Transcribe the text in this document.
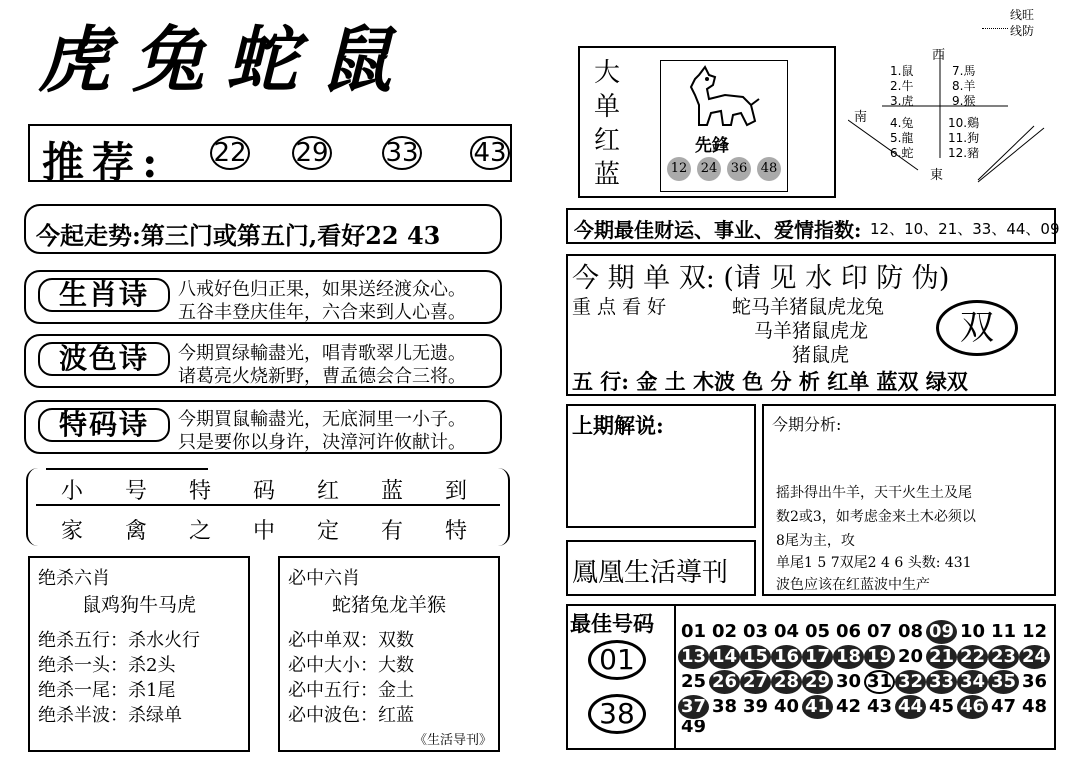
虎兔蛇鼠
推荐: 22 29 33 43
今起走势:第三门或第五门,看好22 43
生肖诗	八戒好色归正果，如果送经渡众心。
五谷丰登庆佳年，六合来到人心喜。
波色诗	今期買绿輸盡光，唱青歌翠儿无遗。
诸葛亮火烧新野，曹孟德会合三将。
特码诗	今期買鼠輸盡光，无底洞里一小子。
只是要你以身许，决漳河许攸献计。
小	号	特	码	红	蓝	到
家	禽	之	中	定	有	特
绝杀六肖
鼠鸡狗牛马虎
绝杀五行：杀水火行
绝杀一头：杀2头
绝杀一尾：杀1尾
绝杀半波：杀绿单
必中六肖
蛇猪兔龙羊猴
必中单双：双数
必中大小：大数
必中五行：金土
必中波色：红蓝
《生活导刊》
大
单
红
蓝
先鋒
12 24 36 48
西
南
東
1.鼠
2.牛
3.虎
7.馬
8.羊
9.猴
4.兔
5.龍
6.蛇
10.鷄
11.狗
12.豬
线旺
线防
今期最佳财运、事业、爱情指数: 12、10、21、33、44、09
今 期 单 双: (请 见 水 印 防 伪)
重 点 看 好	蛇马羊猪鼠虎龙兔
马羊猪鼠虎龙
猪鼠虎
双
五 行: 金 土 木波 色 分 析 红单 蓝双 绿双
上期解说:
鳳凰生活導刊
今期分析:
摇卦得出牛羊，天干火生土及尾
数2或3，如考虑金来土木必须以
8尾为主，攻
单尾1 5 7双尾2 4 6 头数: 431
波色应该在红蓝波中生产
最佳号码
01
38
01 02 03 04 05 06 07 08 09 10 11 12
13 14 15 16 17 18 19 20 21 22 23 24
25 26 27 28 29 30 31 32 33 34 35 36
37 38 39 40 41 42 43 44 45 46 47 48
49
